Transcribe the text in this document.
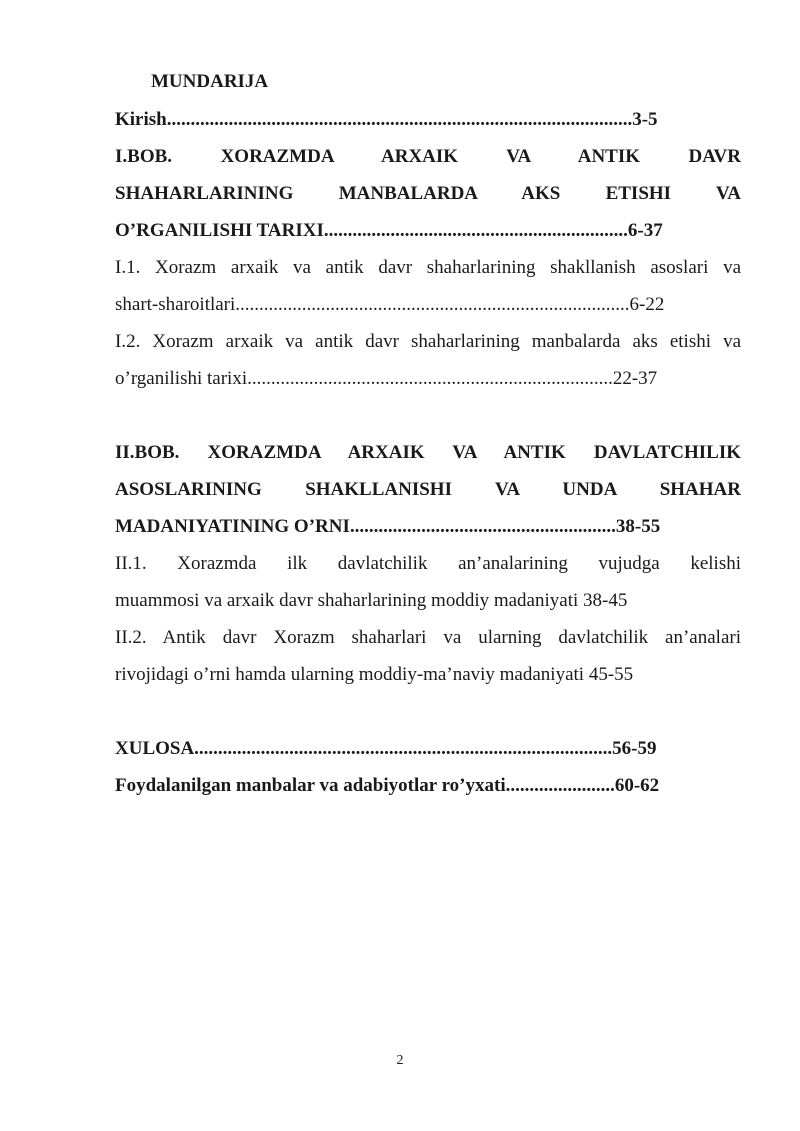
MUNDARIJA
Kirish..................................................................................................3-5
I.BOB. XORAZMDA ARXAIK VA ANTIK DAVR
SHAHARLARINING MANBALARDA AKS ETISHI VA
O’RGANILISHI TARIXI................................................................6-37
I.1. Xorazm arxaik va antik davr shaharlarining shakllanish asoslari va
shart-sharoitlari...................................................................................6-22
I.2. Xorazm arxaik va antik davr shaharlarining manbalarda aks etishi va
o’rganilishi tarixi.............................................................................22-37
II.BOB. XORAZMDA ARXAIK VA ANTIK DAVLATCHILIK
ASOSLARINING SHAKLLANISHI VA UNDA SHAHAR
MADANIYATINING O’RNI........................................................38-55
II.1. Xorazmda ilk davlatchilik an’analarining vujudga kelishi
muammosi va arxaik davr shaharlarining moddiy madaniyati 38-45
II.2. Antik davr Xorazm shaharlari va ularning davlatchilik an’analari
rivojidagi o’rni hamda ularning moddiy-ma’naviy madaniyati 45-55
XULOSA........................................................................................56-59
Foydalanilgan manbalar va adabiyotlar ro’yxati.......................60-62
2
